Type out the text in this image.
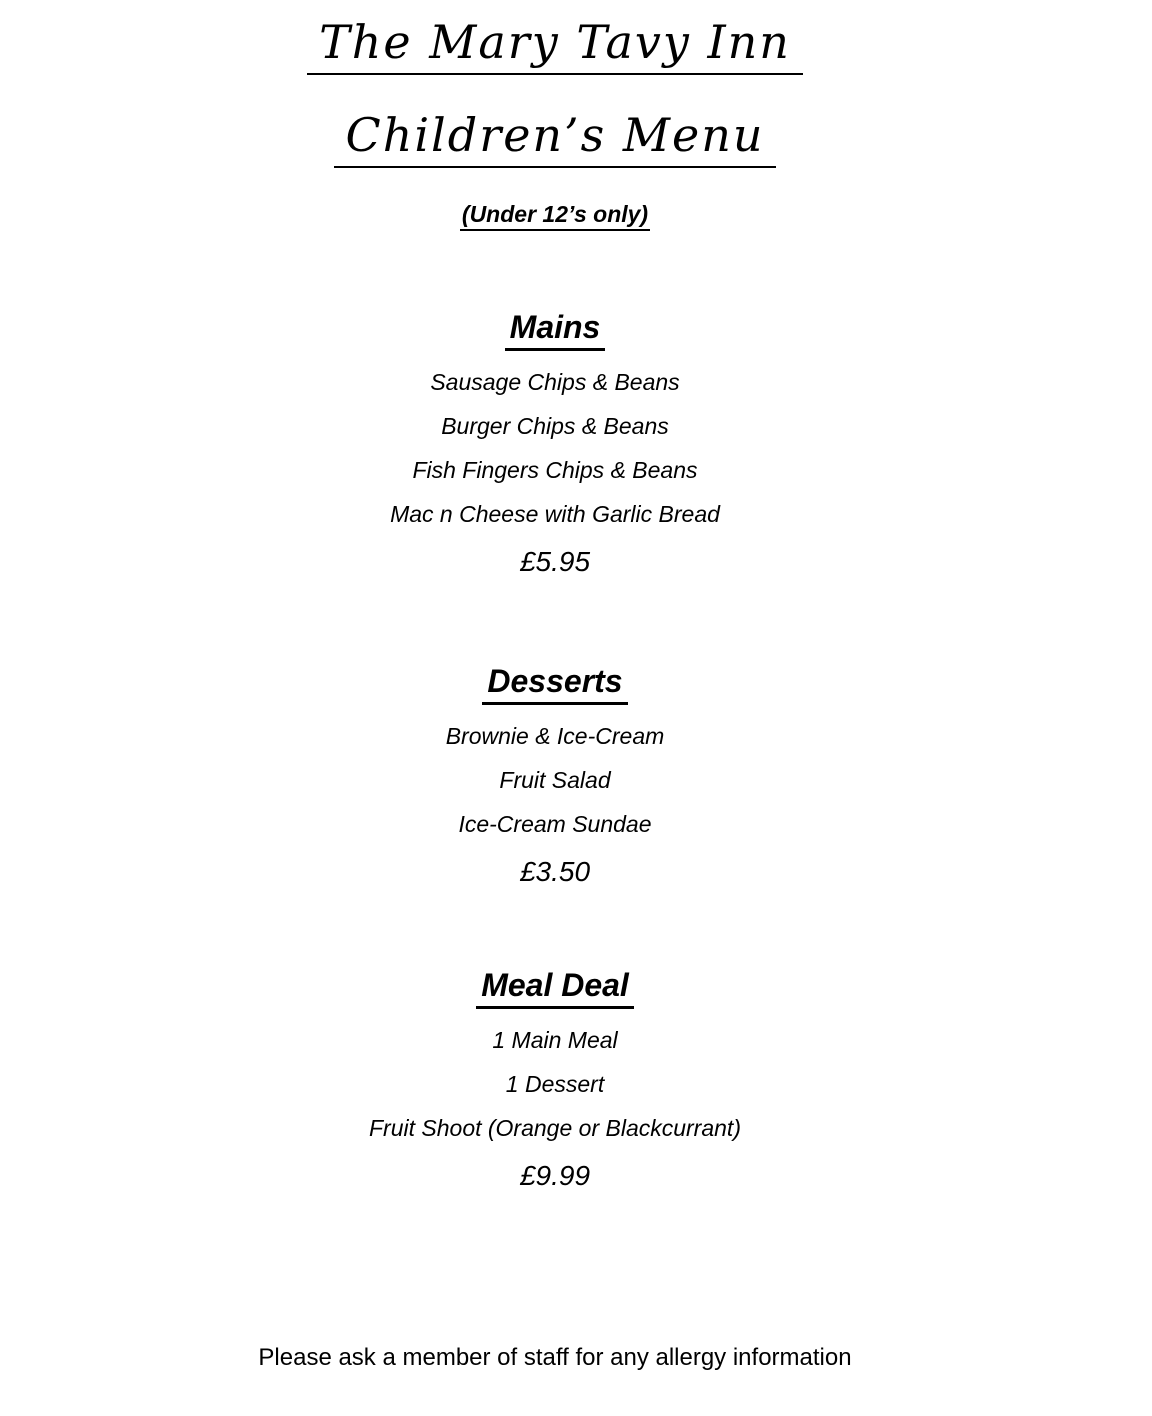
The Mary Tavy Inn
Children’s Menu
(Under 12’s only)
Mains
Sausage Chips & Beans
Burger Chips & Beans
Fish Fingers Chips & Beans
Mac n Cheese with Garlic Bread
£5.95
Desserts
Brownie & Ice-Cream
Fruit Salad
Ice-Cream Sundae
£3.50
Meal Deal
1 Main Meal
1 Dessert
Fruit Shoot (Orange or Blackcurrant)
£9.99
Please ask a member of staff for any allergy information
